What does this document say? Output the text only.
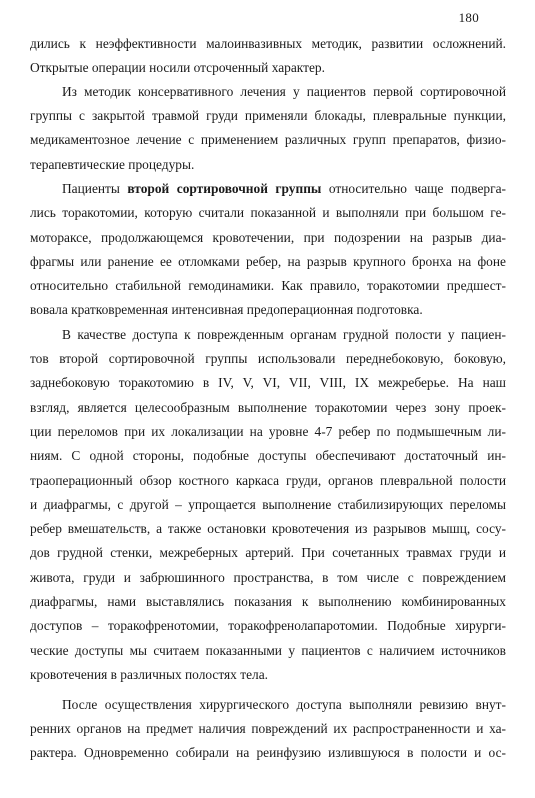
180
дились к неэффективности малоинвазивных методик, развитии осложнений.
Открытые операции носили отсроченный характер.
Из методик консервативного лечения у пациентов первой сортировочной
группы с закрытой травмой груди применяли блокады, плевральные пункции,
медикаментозное лечение с применением различных групп препаратов, физио-
терапевтические процедуры.
Пациенты второй сортировочной группы относительно чаще подверга-
лись торакотомии, которую считали показанной и выполняли при большом ге-
моторaксе, продолжающемся кровотечении, при подозрении на разрыв диа-
фрагмы или ранение ее отломками ребер, на разрыв крупного бронха на фоне
относительно стабильной гемодинамики. Как правило, торакотомии предшест-
вовала кратковременная интенсивная предоперационная подготовка.
В качестве доступа к поврежденным органам грудной полости у пациен-
тов второй сортировочной группы использовали переднебоковую, боковую,
заднебоковую торакотомию в IV, V, VI, VII, VIII, IX межреберье. На наш
взгляд, является целесообразным выполнение торакотомии через зону проек-
ции переломов при их локализации на уровне 4-7 ребер по подмышечным ли-
ниям. С одной стороны, подобные доступы обеспечивают достаточный ин-
траоперационный обзор костного каркаса груди, органов плевральной полости
и диафрагмы, с другой – упрощается выполнение стабилизирующих переломы
ребер вмешательств, а также остановки кровотечения из разрывов мышц, сосу-
дов грудной стенки, межреберных артерий. При сочетанных травмах груди и
живота, груди и забрюшинного пространства, в том числе с повреждением
диафрагмы, нами выставлялись показания к выполнению комбинированных
доступов – торакофренотомии, торакофренолапаротомии. Подобные хирурги-
ческие доступы мы считаем показанными у пациентов с наличием источников
кровотечения в различных полостях тела.
После осуществления хирургического доступа выполняли ревизию внут-
ренних органов на предмет наличия повреждений их распространенности и ха-
рактера. Одновременно собирали на реинфузию излившуюся в полости и ос-
